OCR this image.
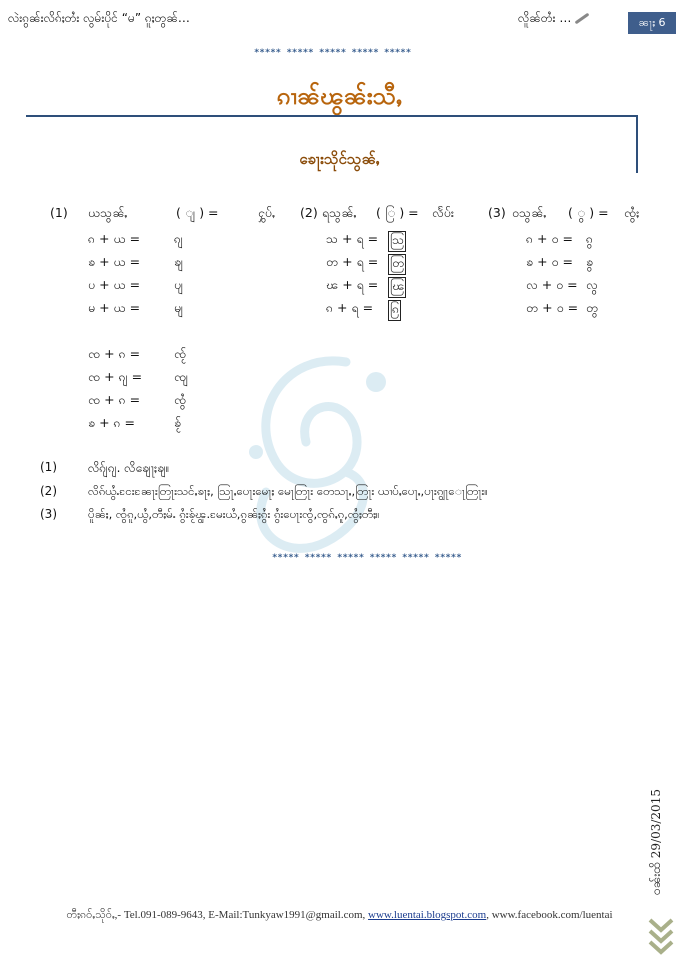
လဲးၵွၼ်းလိၵ်ႈတႆး လွမ်းပိုင် “မ” ၵူႈတွၼ်…	လိူၼ်တႆး …	ၼႃႈ 6
***** ***** ***** ***** *****
ၵၢၼ်ၽွၼ်းသီႇ
ၶေႃးသိုင်သွၼ်ႇ
(1) ယသွၼ်ႇ	( ျ ) =	ႁွပ်ႇ
ၵ + ယ =	ၵျ
ၶ + ယ =	ၶျ
ပ + ယ =	ပျ
မ + ယ =	မျ
ၸ + ၵ =	ၸႂ်
ၸ + ၵျ =	ၸျ
ၸ + ၵ =	ၸွႆ
ၶ + ၵ =	ၶႂ်
(2) ရသွၼ်ႇ ( ြ ) = လႅပ်း
သ + ရ = သြ
တ + ရ = တြ
ၽ + ရ = ၽြ
ၵ + ရ = ၵြ
(3) ဝသွၼ်ႇ ( ွ ) = ၸွႆႈ
ၵ + ဝ = ၵွ
ၶ + ဝ = ၶွ
လ + ဝ = လွ
တ + ဝ = တွ
(1)	လိၵ်ျၵျ. လိၶျေႃႈၶျ။
(2)	လိၵ်ယွႆႉငႄးၼႄႃးတြႃးသင်ႇၶႃႈ, သြႃႇပေႃးမေႃႈ မေႃတြႃး တေသႃႇ,တြႃး ယၢပ်ႇပေႃႇ,ပႃးၵျွႃေႃတြႃး။
(3)	ပိူၼ်ႈ, ၸွႆၵူ,ယွႆ,တီႈမ်ႉ ၵွႆးၶႂ်ၾွ.မႄးယႆ,ၵွၼ်ႈၵွႆး ၵွႆးပေႃးၸွႆ,ၸွၵ်ႇၵူ,ၸွႆႈတီႈ။
***** ***** ***** ***** ***** *****
ဝၼ်းထိ 29/03/2015
တီႈၵဝ်ႇသိုဝ်ႇ,- Tel.091-089-9643, E-Mail:Tunkyaw1991@gmail.com, www.luentai.blogspot.com, www.facebook.com/luentai
